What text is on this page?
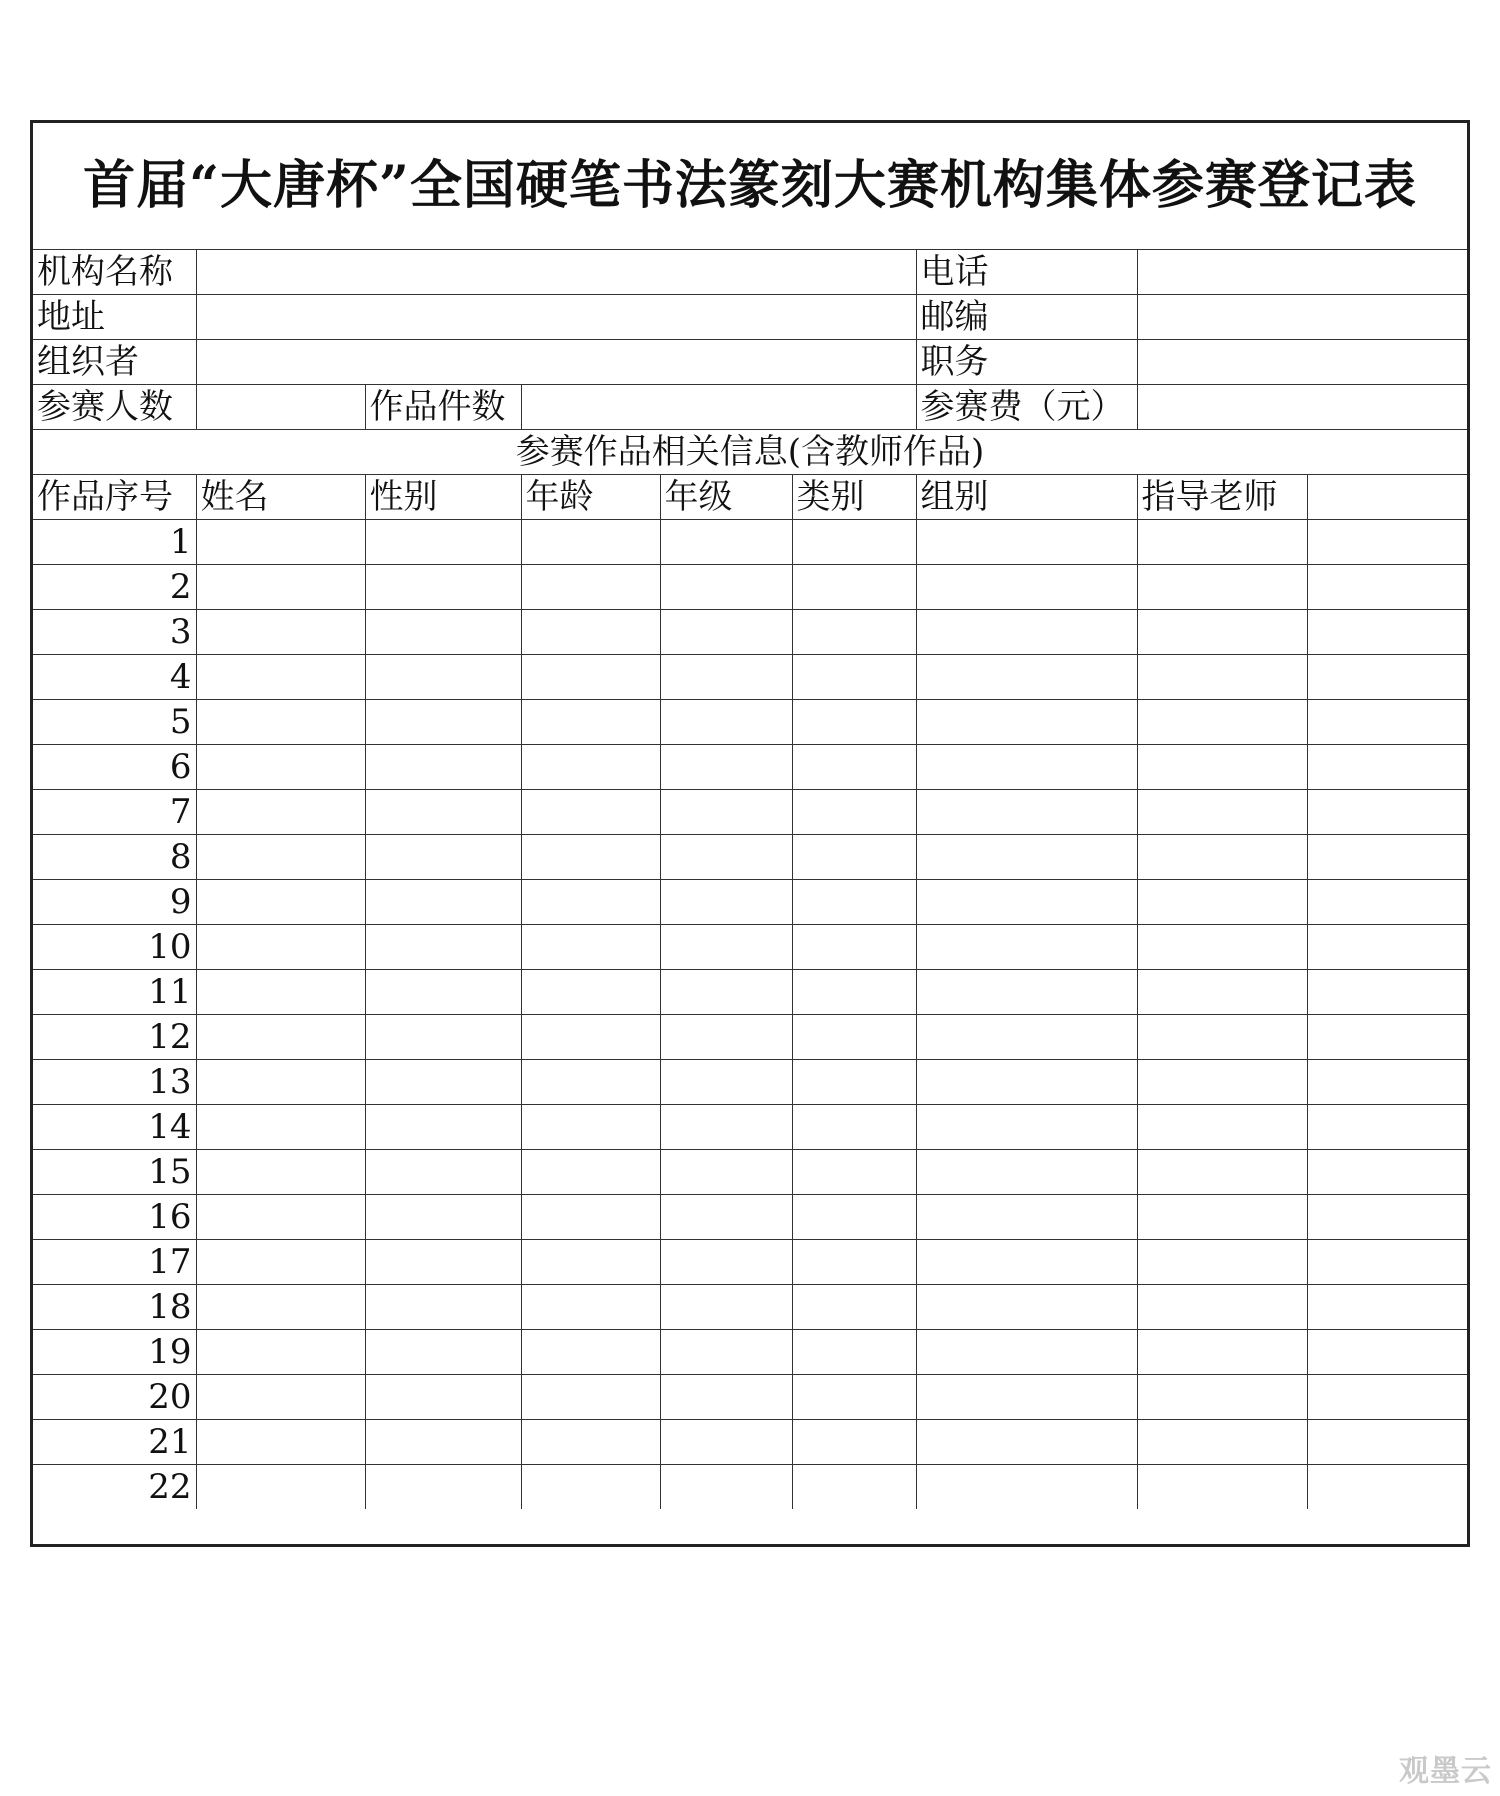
首届“大唐杯”全国硬笔书法篆刻大赛机构集体参赛登记表								
机构名称						电话		
地址						邮编		
组织者						职务		
参赛人数		作品件数				参赛费（元）		
参赛作品相关信息(含教师作品)								
作品序号	姓名	性别	年龄	年级	类别	组别	指导老师	
1								
2								
3								
4								
5								
6								
7								
8								
9								
10								
11								
12								
13								
14								
15								
16								
17								
18								
19								
20								
21								
22								
观墨云
